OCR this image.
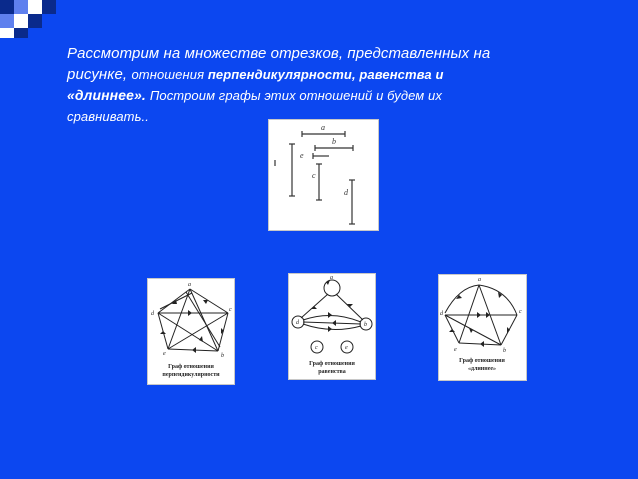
Рассмотрим на множестве отрезков, представленных на
рисунке, отношения перпендикулярности, равенства и
«длиннее». Построим графы этих отношений и будем их
сравнивать..
a
b
c
d
e
a
b
c
d
e
Граф отношения
перпендикулярности
a
b
c
d
e
Граф отношения
равенства
a
b
c
d
e
Граф отношения
«длиннее»
